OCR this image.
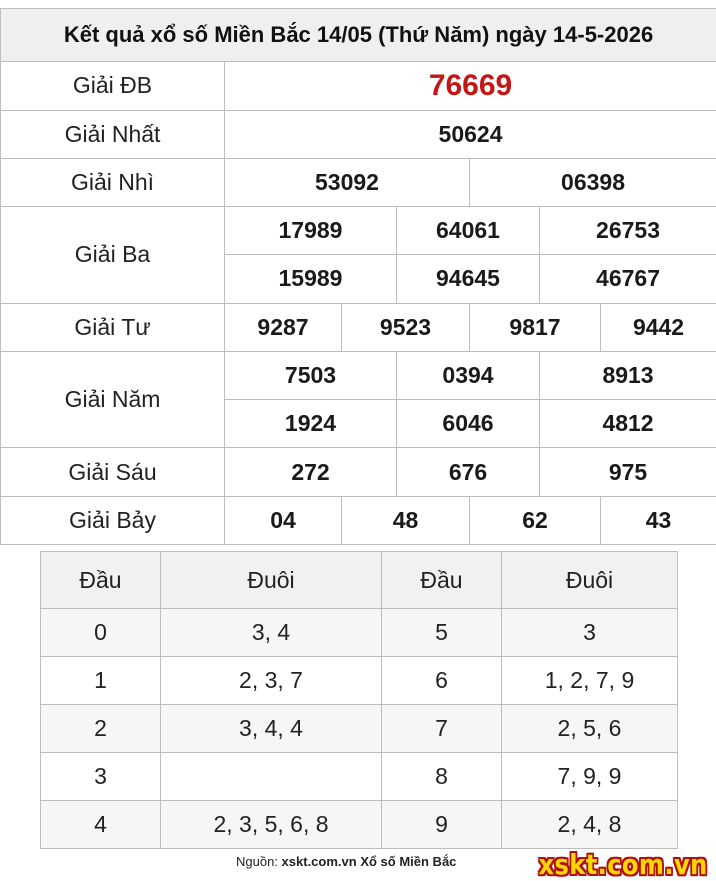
Kết quả xổ số Miền Bắc 14/05 (Thứ Năm) ngày 14-5-2026						
Giải ĐB	76669					
Giải Nhất	50624					
Giải Nhì	53092			06398		
Giải Ba	17989		64061		26753	
	15989		94645		46767	
Giải Tư	9287	9523		9817		9442
Giải Năm	7503		0394		8913	
	1924		6046		4812	
Giải Sáu	272		676		975	
Giải Bảy	04	48		62		43
Đầu	Đuôi	Đầu	Đuôi
0	3, 4	5	3
1	2, 3, 7	6	1, 2, 7, 9
2	3, 4, 4	7	2, 5, 6
3		8	7, 9, 9
4	2, 3, 5, 6, 8	9	2, 4, 8
Nguồn: xskt.com.vn Xổ số Miền Bắc	xskt.com.vn
